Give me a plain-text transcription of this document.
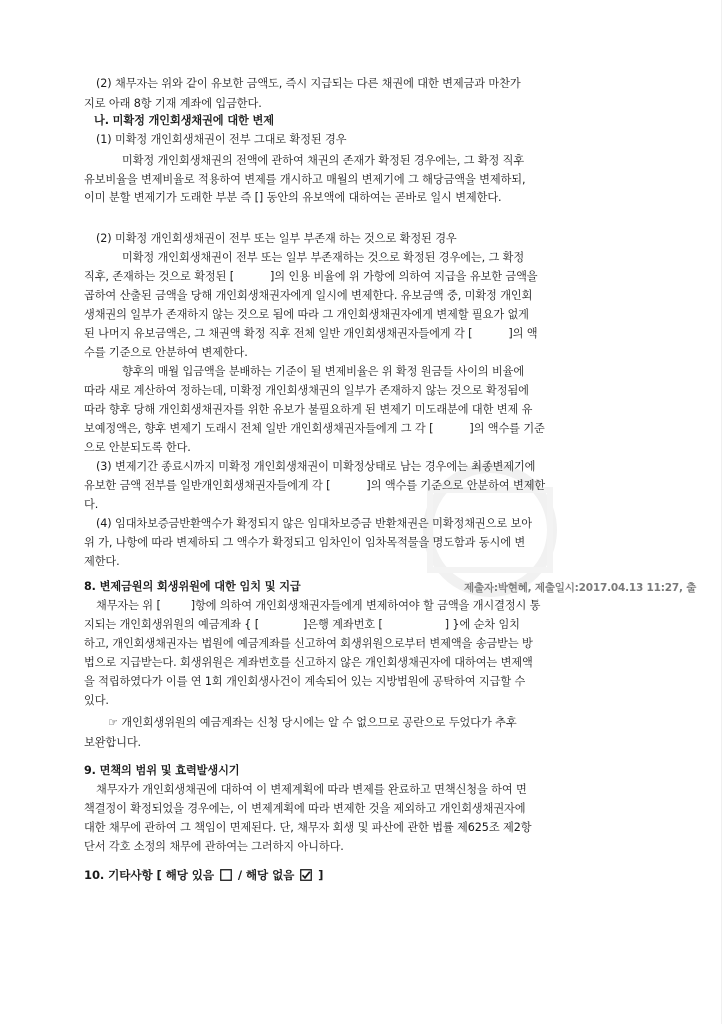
(2) 채무자는 위와 같이 유보한 금액도, 즉시 지급되는 다른 채권에 대한 변제금과 마찬가

지로 아래 8항 기재 계좌에 입금한다.

나. 미확정 개인회생채권에 대한 변제

(1) 미확정 개인회생채권이 전부 그대로 확정된 경우

미확정 개인회생채권의 전액에 관하여 채권의 존재가 확정된 경우에는, 그 확정 직후

유보비율을 변제비율로 적용하여 변제를 개시하고 매월의 변제기에 그 해당금액을 변제하되,

이미 분할 변제기가 도래한 부분 즉 [] 동안의 유보액에 대하여는 곧바로 일시 변제한다.

(2) 미확정 개인회생채권이 전부 또는 일부 부존재 하는 것으로 확정된 경우

미확정 개인회생채권이 전부 또는 일부 부존재하는 것으로 확정된 경우에는, 그 확정

직후, 존재하는 것으로 확정된 [	]의 인용 비율에 위 가항에 의하여 지급을 유보한 금액을

곱하여 산출된 금액을 당해 개인회생채권자에게 일시에 변제한다. 유보금액 중, 미확정 개인회

생채권의 일부가 존재하지 않는 것으로 됨에 따라 그 개인회생채권자에게 변제할 필요가 없게

된 나머지 유보금액은, 그 채권액 확정 직후 전체 일반 개인회생채권자들에게 각 [	]의 액

수를 기준으로 안분하여 변제한다.

향후의 매월 입금액을 분배하는 기준이 될 변제비율은 위 확정 원금들 사이의 비율에

따라 새로 계산하여 정하는데, 미확정 개인회생채권의 일부가 존재하지 않는 것으로 확정됨에

따라 향후 당해 개인회생채권자를 위한 유보가 불필요하게 된 변제기 미도래분에 대한 변제 유

보예정액은, 향후 변제기 도래시 전체 일반 개인회생채권자들에게 그 각 [	]의 액수를 기준

으로 안분되도록 한다.

(3) 변제기간 종료시까지 미확정 개인회생채권이 미확정상태로 남는 경우에는 최종변제기에

유보한 금액 전부를 일반개인회생채권자들에게 각 [	]의 액수를 기준으로 안분하여 변제한

다.

(4) 임대차보증금반환액수가 확정되지 않은 임대차보증금 반환채권은 미확정채권으로 보아

위 가, 나항에 따라 변제하되 그 액수가 확정되고 임차인이 임차목적물을 명도함과 동시에 변

제한다.

8. 변제금원의 회생위원에 대한 임치 및 지급	제출자:박현혜, 제출일시:2017.04.13 11:27, 출

채무자는 위 [	]항에 의하여 개인회생채권자들에게 변제하여야 할 금액을 개시결정시 통

지되는 개인회생위원의 예금계좌 { [	]은행 계좌번호 [	] }에 순차 임치

하고, 개인회생채권자는 법원에 예금계좌를 신고하여 회생위원으로부터 변제액을 송금받는 방

법으로 지급받는다. 회생위원은 계좌번호를 신고하지 않은 개인회생채권자에 대하여는 변제액

을 적립하였다가 이를 연 1회 개인회생사건이 계속되어 있는 지방법원에 공탁하여 지급할 수

있다.

☞ 개인회생위원의 예금계좌는 신청 당시에는 알 수 없으므로 공란으로 두었다가 추후

보완합니다.

9. 면책의 범위 및 효력발생시기

채무자가 개인회생채권에 대하여 이 변제계획에 따라 변제를 완료하고 면책신청을 하여 면

책결정이 확정되었을 경우에는, 이 변제계획에 따라 변제한 것을 제외하고 개인회생채권자에

대한 채무에 관하여 그 책임이 면제된다. 단, 채무자 회생 및 파산에 관한 법률 제625조 제2항

단서 각호 소정의 채무에 관하여는 그러하지 아니하다.

10. 기타사항 [ 해당 있음 / 해당 없음 ]
